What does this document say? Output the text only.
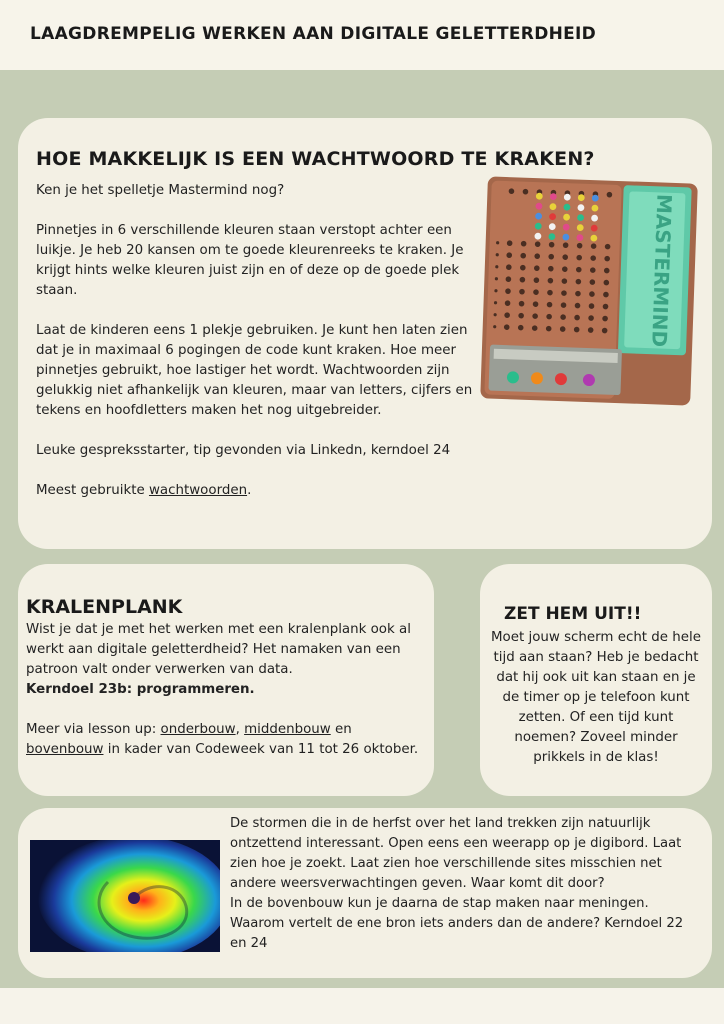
LAAGDREMPELIG WERKEN AAN DIGITALE GELETTERDHEID
HOE MAKKELIJK IS EEN WACHTWOORD TE KRAKEN?

Ken je het spelletje Mastermind nog?

Pinnetjes in 6 verschillende kleuren staan verstopt achter een luikje. Je heb 20 kansen om te goede kleurenreeks te kraken. Je krijgt hints welke kleuren juist zijn en of deze op de goede plek staan.

Laat de kinderen eens 1 plekje gebruiken. Je kunt hen laten zien dat je in maximaal 6 pogingen de code kunt kraken. Hoe meer pinnetjes gebruikt, hoe lastiger het wordt. Wachtwoorden zijn gelukkig niet afhankelijk van kleuren, maar van letters, cijfers en tekens en hoofdletters maken het nog uitgebreider.

Leuke gespreksstarter, tip gevonden via Linkedn, kerndoel 24

Meest gebruikte wachtwoorden.

MASTERMIND
KRALENPLANK

Wist je dat je met het werken met een kralenplank ook al werkt aan digitale geletterdheid? Het namaken van een patroon valt onder verwerken van data.
Kerndoel 23b: programmeren.

Meer via lesson up: onderbouw, middenbouw en
bovenbouw in kader van Codeweek van 11 tot 26 oktober.

ZET HEM UIT!!
Moet jouw scherm echt de hele tijd aan staan? Heb je bedacht dat hij ook uit kan staan en je de timer op je telefoon kunt zetten. Of een tijd kunt noemen? Zoveel minder prikkels in de klas!

De stormen die in de herfst over het land trekken zijn natuurlijk ontzettend interessant. Open eens een weerapp op je digibord. Laat zien hoe je zoekt. Laat zien hoe verschillende sites misschien net andere weersverwachtingen geven. Waar komt dit door?

In de bovenbouw kun je daarna de stap maken naar meningen. Waarom vertelt de ene bron iets anders dan de andere? Kerndoel 22 en 24
